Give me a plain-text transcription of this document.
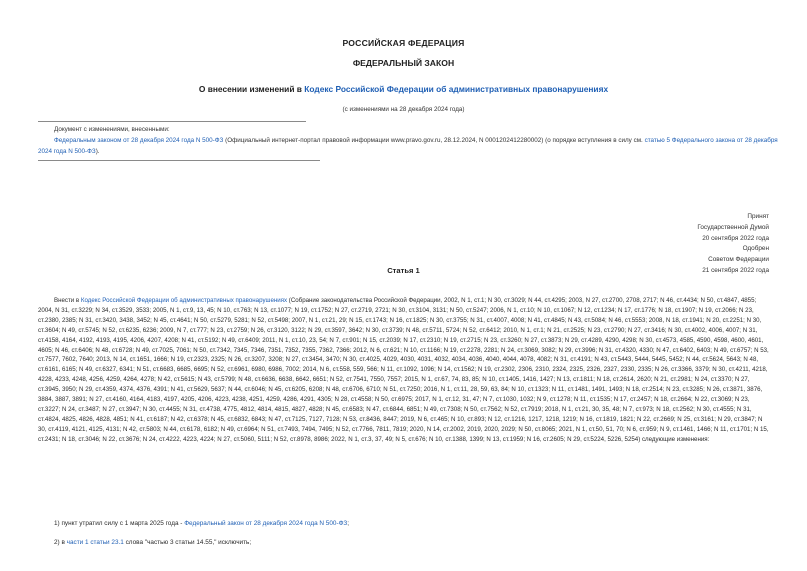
РОССИЙСКАЯ ФЕДЕРАЦИЯ
ФЕДЕРАЛЬНЫЙ ЗАКОН
О внесении изменений в Кодекс Российской Федерации об административных правонарушениях
(с изменениями на 28 декабря 2024 года)
Документ с изменениями, внесенными:
Федеральным законом от 28 декабря 2024 года N 500-ФЗ (Официальный интернет-портал правовой информации www.pravo.gov.ru, 28.12.2024, N 0001202412280002) (о порядке вступления в силу см. статью 5 Федерального закона от 28 декабря 2024 года N 500-ФЗ).
Принят
Государственной Думой
20 сентября 2022 года
Одобрен
Советом Федерации
21 сентября 2022 года
Статья 1
Внести в Кодекс Российской Федерации об административных правонарушениях (Собрание законодательства Российской Федерации, 2002, N 1, ст.1; N 30, ст.3029; N 44, ст.4295; 2003, N 27, ст.2700, 2708, 2717; N 46, ст.4434; N 50, ст.4847, 4855; 2004, N 31, ст.3229; N 34, ст.3529, 3533; 2005, N 1, ст.9, 13, 45; N 10, ст.763; N 13, ст.1077; N 19, ст.1752; N 27, ст.2719, 2721; N 30, ст.3104, 3131; N 50, ст.5247; 2006, N 1, ст.10; N 10, ст.1067; N 12, ст.1234; N 17, ст.1776; N 18, ст.1907; N 19, ст.2066; N 23, ст.2380, 2385; N 31, ст.3420, 3438, 3452; N 45, ст.4641; N 50, ст.5279, 5281; N 52, ст.5498; 2007, N 1, ст.21, 29; N 15, ст.1743; N 16, ст.1825; N 30, ст.3755; N 31, ст.4007, 4008; N 41, ст.4845; N 43, ст.5084; N 46, ст.5553; 2008, N 18, ст.1941; N 20, ст.2251; N 30, ст.3604; N 49, ст.5745; N 52, ст.6235, 6236; 2009, N 7, ст.777; N 23, ст.2759; N 26, ст.3120, 3122; N 29, ст.3597, 3642; N 30, ст.3739; N 48, ст.5711, 5724; N 52, ст.6412; 2010, N 1, ст.1; N 21, ст.2525; N 23, ст.2790; N 27, ст.3416; N 30, ст.4002, 4006, 4007; N 31, ст.4158, 4164, 4192, 4193, 4195, 4206, 4207, 4208; N 41, ст.5192; N 49, ст.6409; 2011, N 1, ст.10, 23, 54; N 7, ст.901; N 15, ст.2039; N 17, ст.2310; N 19, ст.2715; N 23, ст.3260; N 27, ст.3873; N 29, ст.4289, 4290, 4298; N 30, ст.4573, 4585, 4590, 4598, 4600, 4601, 4605; N 46, ст.6406; N 48, ст.6728; N 49, ст.7025, 7061; N 50, ст.7342, 7345, 7346, 7351, 7352, 7355, 7362, 7366; 2012, N 6, ст.621; N 10, ст.1166; N 19, ст.2278, 2281; N 24, ст.3069, 3082; N 29, ст.3996; N 31, ст.4320, 4330; N 47, ст.6402, 6403; N 49, ст.6757; N 53, ст.7577, 7602, 7640; 2013, N 14, ст.1651, 1666; N 19, ст.2323, 2325; N 26, ст.3207, 3208; N 27, ст.3454, 3470; N 30, ст.4025, 4029, 4030, 4031, 4032, 4034, 4036, 4040, 4044, 4078, 4082; N 31, ст.4191; N 43, ст.5443, 5444, 5445, 5452; N 44, ст.5624, 5643; N 48, ст.6161, 6165; N 49, ст.6327, 6341; N 51, ст.6683, 6685, 6695; N 52, ст.6961, 6980, 6986, 7002; 2014, N 6, ст.558, 559, 566; N 11, ст.1092, 1096; N 14, ст.1562; N 19, ст.2302, 2306, 2310, 2324, 2325, 2326, 2327, 2330, 2335; N 26, ст.3366, 3379; N 30, ст.4211, 4218, 4228, 4233, 4248, 4256, 4259, 4264, 4278; N 42, ст.5615; N 43, ст.5799; N 48, ст.6636, 6638, 6642, 6651; N 52, ст.7541, 7550, 7557; 2015, N 1, ст.67, 74, 83, 85; N 10, ст.1405, 1416, 1427; N 13, ст.1811; N 18, ст.2614, 2620; N 21, ст.2981; N 24, ст.3370; N 27, ст.3945, 3950; N 29, ст.4359, 4374, 4376, 4391; N 41, ст.5629, 5637; N 44, ст.6046; N 45, ст.6205, 6208; N 48, ст.6706, 6710; N 51, ст.7250; 2016, N 1, ст.11, 28, 59, 63, 84; N 10, ст.1323; N 11, ст.1481, 1491, 1493; N 18, ст.2514; N 23, ст.3285; N 26, ст.3871, 3876, 3884, 3887, 3891; N 27, ст.4160, 4164, 4183, 4197, 4205, 4206, 4223, 4238, 4251, 4259, 4286, 4291, 4305; N 28, ст.4558; N 50, ст.6975; 2017, N 1, ст.12, 31, 47; N 7, ст.1030, 1032; N 9, ст.1278; N 11, ст.1535; N 17, ст.2457; N 18, ст.2664; N 22, ст.3069; N 23, ст.3227; N 24, ст.3487; N 27, ст.3947; N 30, ст.4455; N 31, ст.4738, 4775, 4812, 4814, 4815, 4827, 4828; N 45, ст.6583; N 47, ст.6844, 6851; N 49, ст.7308; N 50, ст.7562; N 52, ст.7919; 2018, N 1, ст.21, 30, 35, 48; N 7, ст.973; N 18, ст.2562; N 30, ст.4555; N 31, ст.4824, 4825, 4826, 4828, 4851; N 41, ст.6187; N 42, ст.6378; N 45, ст.6832, 6843; N 47, ст.7125, 7127, 7128; N 53, ст.8436, 8447; 2019, N 6, ст.465; N 10, ст.893; N 12, ст.1216, 1217, 1218, 1219; N 16, ст.1819, 1821; N 22, ст.2669; N 25, ст.3161; N 29, ст.3847; N 30, ст.4119, 4121, 4125, 4131; N 42, ст.5803; N 44, ст.6178, 6182; N 49, ст.6964; N 51, ст.7493, 7494, 7495; N 52, ст.7766, 7811, 7819; 2020, N 14, ст.2002, 2019, 2020, 2029; N 50, ст.8065; 2021, N 1, ст.50, 51, 70; N 6, ст.959; N 9, ст.1461, 1466; N 11, ст.1701; N 15, ст.2431; N 18, ст.3046; N 22, ст.3676; N 24, ст.4222, 4223, 4224; N 27, ст.5060, 5111; N 52, ст.8978, 8986; 2022, N 1, ст.3, 37, 49; N 5, ст.676; N 10, ст.1388, 1399; N 13, ст.1959; N 16, ст.2605; N 29, ст.5224, 5226, 5254) следующие изменения:
1) пункт утратил силу с 1 марта 2025 года - Федеральный закон от 28 декабря 2024 года N 500-ФЗ;
2) в части 1 статьи 23.1 слова "частью 3 статьи 14.55," исключить;
